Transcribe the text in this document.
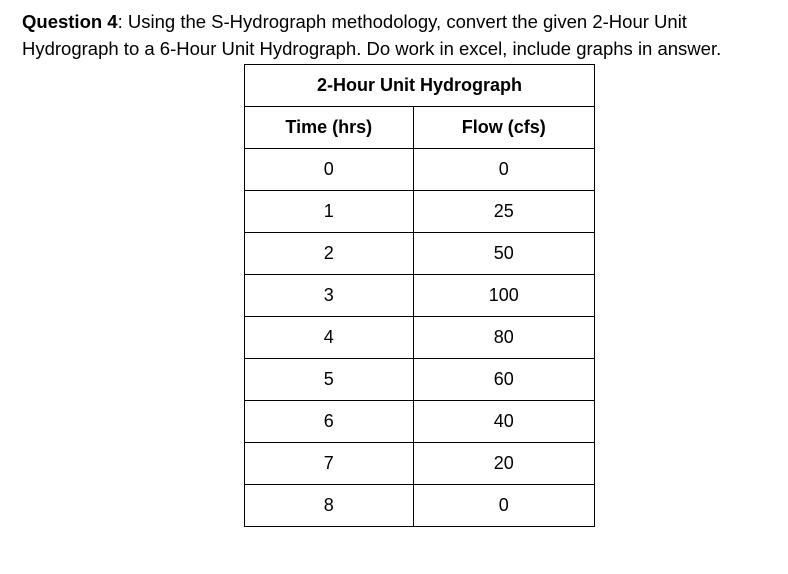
Question 4: Using the S-Hydrograph methodology, convert the given 2-Hour Unit Hydrograph to a 6-Hour Unit Hydrograph. Do work in excel, include graphs in answer.

2-Hour Unit Hydrograph	
Time (hrs)	Flow (cfs)
0	0
1	25
2	50
3	100
4	80
5	60
6	40
7	20
8	0
